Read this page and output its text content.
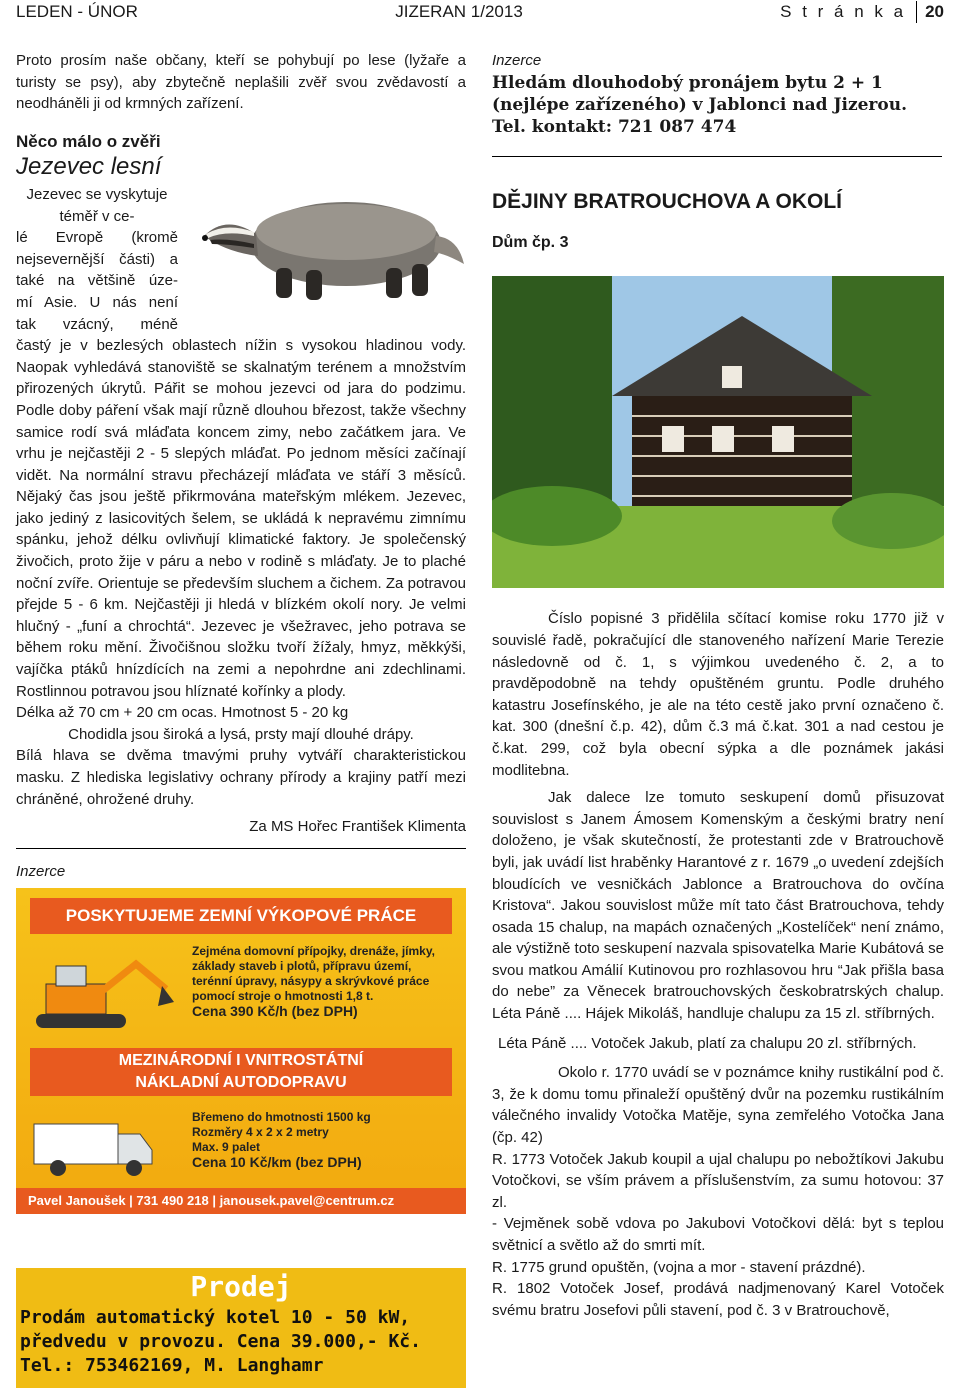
LEDEN - ÚNOR	JIZERAN 1/2013	S t r á n k a 20

Proto prosím naše občany, kteří se pohybují po lese (lyžaře a turisty se psy), aby zbytečně neplašili zvěř svou zvědavostí a neodháněli ji od krmných zařízení.

Něco málo o zvěři

Jezevec lesní

Jezevec se vyskytuje téměř v ce-
lé Evropě (kromě
nejsevernější části) a
také na většině úze-
mí Asie. U nás není
tak vzácný, méně

častý je v bezlesých oblastech nížin s vysokou hladinou vody. Naopak vyhledává stanoviště se skalnatým terénem a množstvím přirozených úkrytů. Pářit se mohou jezevci od jara do podzimu. Podle doby páření však mají různě dlouhou březost, takže všechny samice rodí svá mláďata koncem zimy, nebo začátkem jara. Ve vrhu je nejčastěji 2 - 5 slepých mláďat. Po jednom měsíci začínají vidět. Na normální stravu přecházejí mláďata ve stáří 3 měsíců. Nějaký čas jsou ještě přikrmována mateřským mlékem. Jezevec, jako jediný z lasicovitých šelem, se ukládá k nepravému zimnímu spánku, jehož délku ovlivňují klimatické faktory. Je společenský živočich, proto žije v páru a nebo v rodině s mláďaty. Je to plaché noční zvíře. Orientuje se především sluchem a čichem. Za potravou přejde 5 - 6 km. Nejčastěji ji hledá v blízkém okolí nory. Je velmi hlučný - „funí a chrochtá“. Jezevec je všežravec, jeho potrava se během roku mění. Živočišnou složku tvoří žížaly, hmyz, měkkýši, vajíčka ptáků hnízdících na zemi a nepohrdne ani zdechlinami. Rostlinnou potravou jsou hlíznaté kořínky a plody.

Délka až 70 cm + 20 cm ocas. Hmotnost 5 - 20 kg

Chodidla jsou široká a lysá, prsty mají dlouhé drápy.

Bílá hlava se dvěma tmavými pruhy vytváří charakteristickou masku. Z hlediska legislativy ochrany přírody a krajiny patří mezi chráněné, ohrožené druhy.

Za MS Hořec František Klimenta

Inzerce

POSKYTUJEME ZEMNÍ VÝKOPOVÉ PRÁCE
Zejména domovní přípojky, drenáže, jímky,
základy staveb i plotů, přípravu území,
terénní úpravy, násypy a skrývkové práce
pomocí stroje o hmotnosti 1,8 t.
Cena 390 Kč/h (bez DPH)
MEZINÁRODNÍ I VNITROSTÁTNÍ
NÁKLADNÍ AUTODOPRAVU
Břemeno do hmotnosti 1500 kg
Rozměry 4 x 2 x 2 metry
Max. 9 palet
Cena 10 Kč/km (bez DPH)
Pavel Janoušek | 731 490 218 | janousek.pavel@centrum.cz
Prodej
Prodám automatický kotel 10 - 50 kW,
předvedu v provozu. Cena 39.000,- Kč.
Tel.: 753462169, M. Langhamr

Inzerce

Hledám dlouhodobý pronájem bytu 2 + 1

(nejlépe zařízeného) v Jablonci nad Jizerou.

Tel. kontakt: 721 087 474

DĚJINY BRATROUCHOVA A OKOLÍ

Dům čp. 3

Číslo popisné 3 přidělila sčítací komise roku 1770 již v souvislé řadě, pokračující dle stanoveného nařízení Marie Terezie následovně od č. 1, s výjimkou uvedeného č. 2, a to pravděpodobně na tehdy opuštěném gruntu. Podle druhého katastru Josefínského, je ale na této cestě jako první označeno č. kat. 300 (dnešní č.p. 42), dům č.3 má č.kat. 301 a nad cestou je č.kat. 299, což byla obecní sýpka a dle poznámek jakási modlitebna.

Jak dalece lze tomuto seskupení domů přisuzovat souvislost s Janem Ámosem Komenským a českými bratry není doloženo, je však skutečností, že protestanti zde v Bratrouchově byli, jak uvádí list hraběnky Harantové z r. 1679 „o uvedení zdejších bloudících ve vesničkách Jablonce a Bratrouchova do ovčína Kristova“. Jakou souvislost může mít tato část Bratrouchova, tehdy osada 15 chalup, na mapách označených „Kostelíček“ není známo, ale výstižně toto seskupení nazvala spisovatelka Marie Kubátová se svou matkou Amálií Kutinovou pro rozhlasovou hru “Jak přišla basa do nebe” za Věnecek bratrouchovských českobratrských chalup. Léta Páně .... Hájek Mikoláš, handluje chalupu za 15 zl. stříbrných.

Léta Páně .... Votoček Jakub, platí za chalupu 20 zl. stříbrných.

Okolo r. 1770 uvádí se v poznámce knihy rustikální pod č. 3, že k domu tomu přinaleží opuštěný dvůr na pozemku rustikálním válečného invalidy Votočka Matěje, syna zemřelého Votočka Jana (čp. 42)

R. 1773 Votoček Jakub koupil a ujal chalupu po nebožtíkovi Jakubu Votočkovi, se vším právem a příslušenstvím, za sumu hotovou: 37 zl.

- Vejměnek sobě vdova po Jakubovi Votočkovi dělá: byt s teplou světnicí a světlo až do smrti mít.

R. 1775 grund opuštěn, (vojna a mor - stavení prázdné).

R. 1802 Votoček Josef, prodává nadjmenovaný Karel Votoček svému bratru Josefovi půli stavení, pod č. 3 v Bratrouchově,
